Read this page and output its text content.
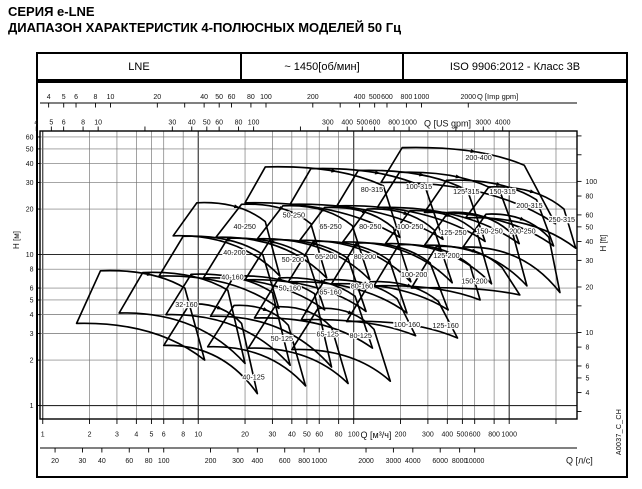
СЕРИЯ e-LNE
ДИАПАЗОН ХАРАКТЕРИСТИК 4-ПОЛЮСНЫХ МОДЕЛЕЙ 50 Гц
LNE	~ 1450[об/мин]	ISO 9906:2012 - Класс 3В
4 5 6 8 10	20	40 50 60 80 100	200	400 500 600 800 1000	2000 Q [Imp gpm]
4 5 6 8 10	30 40 50 60 80 100	300 400 500 600 800 1000	3000 4000
Q [US gpm]
1	2	3 4 5 6 8 10	20	30 40 50 60 80 100	200 300 400 500 600 800 1000
Q [м³/ч]
20	30 40	60 80 100	200 300 400 600 800 1000	2000 3000 4000 6000 8000
10000	Q [л/с]
1
2
3
4
5
6
8
10
20
30
40
50
60
H [м]
4
5
6
8
10
20
30
40
50
60
80
100
H [ft]
32-160
40-160
50-160	65-160
80-160
100-160 125-160
40-125
50-125
65-125 80-125
40-200
50-200 65-200 80-200
100-200
125-200
150-200
40-250
50-250
65-250 80-250 100-250
125-250 150-250 200-250
80-315	100-315
125-315 150-315
200-315
250-315
200-400
A0037_C_CH
